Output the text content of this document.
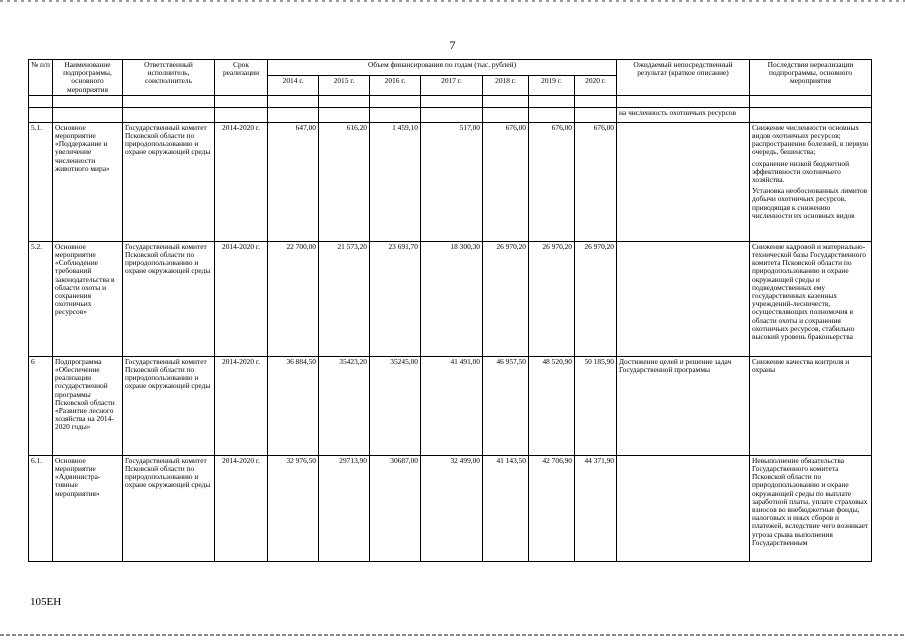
7
№ п/п	Наименование подпрограммы, основного мероприятия	Ответственный исполнитель, соисполнитель	Срок реализации	Объем финансирования по годам (тыс. рублей)							Ожидаемый непосредственный результат (краткое описание)	Последствия нереализации подпрограммы, основного мероприятия
				2014 г.	2015 г.	2016 г.	2017 г.	2018 г.	2019 г.	2020 г.		

											на численность охотничьих ресурсов	
5.1.	Основное мероприятие «Поддержание и увеличение численности животного мира»	Государственный комитет Псковской области по природопользованию и охране окружающей среды	2014-2020 г.	647,00	616,20	1 459,10	517,00	676,00	676,00	676,00		Снижение численности основных видов охотничьих ресурсов; распространение болезней, в первую очередь, бешенства;

сохранение низкой бюджетной эффективности охотничьего хозяйства.

Установка необоснованных лимитов добычи охотничьих ресурсов, приводящая к снижению численности их основных видов

5.2.	Основное мероприятие «Соблюдение требований законодательства в области охоты и сохранения охотничьих ресурсов»	Государственный комитет Псковской области по природопользованию и охране окружающей среды	2014-2020 г.	22 700,00	21 573,20	23 691,70	18 300,30	26 970,20	26 970,20	26 970,20		Снижение кадровой и материально-технической базы Государственного комитета Псковской области по природопользованию и охране окружающей среды и подведомственных ему государственных казенных учреждений-лесничеств, осуществляющих полномочия в области охоты и сохранения охотничьих ресурсов, стабильно высокий уровень браконьерства

6	Подпрограмма «Обеспечение реализации государственной программы Псковской области «Развитие лесного хозяйства на 2014-2020 годы»	Государственный комитет Псковской области по природопользованию и охране окружающей среды	2014-2020 г.	36 884,50	35423,20	35245,00	41 491,00	46 957,50	48 520,90	50 185,90	Достижение целей и решение задач Государственной программы	Снижение качества контроля и охраны

6.1.	Основное мероприятие «Администра-тивные мероприятия»	Государственный комитет Псковской области по природопользованию и охране окружающей среды	2014-2020 г.	32 976,50	29713,90	30687,00	32 499,00	41 143,50	42 706,90	44 371,90		Невыполнение обязательства Государственного комитета Псковской области по природопользованию и охране окружающей среды по выплате заработной платы, уплате страховых взносов во внебюджетные фонды, налоговых и иных сборов и платежей, вследствие чего возникает угроза срыва выполнения Государственным

105ЕН
